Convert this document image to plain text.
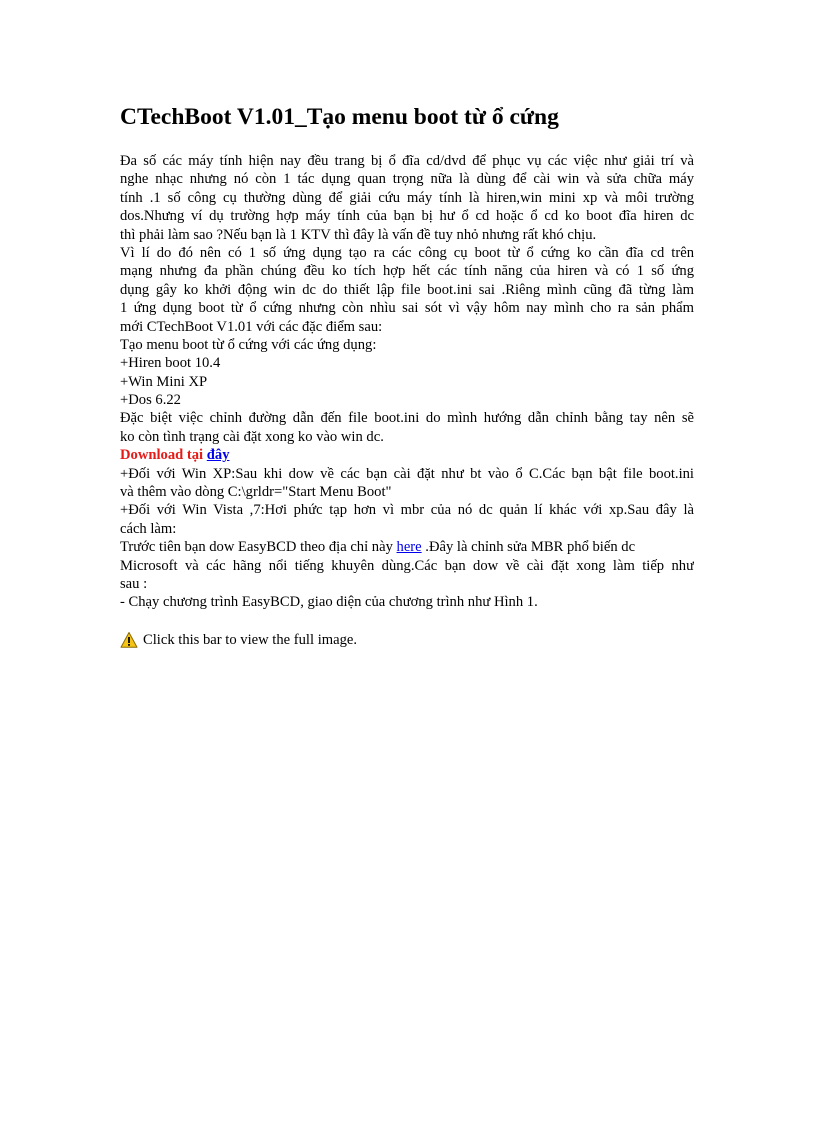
CTechBoot V1.01_Tạo menu boot từ ổ cứng
Đa số các máy tính hiện nay đều trang bị ổ đĩa cd/dvd để phục vụ các việc như giải trí và
nghe nhạc nhưng nó còn 1 tác dụng quan trọng nữa là dùng để cài win và sửa chữa máy
tính .1 số công cụ thường dùng để giải cứu máy tính là hiren,win mini xp và môi trường
dos.Nhưng ví dụ trường hợp máy tính của bạn bị hư ổ cd hoặc ổ cd ko boot đĩa hiren dc
thì phải làm sao ?Nếu bạn là 1 KTV thì đây là vấn đề tuy nhỏ nhưng rất khó chịu.
Vì lí do đó nên có 1 số ứng dụng tạo ra các công cụ boot từ ổ cứng ko cần đĩa cd trên
mạng nhưng đa phần chúng đều ko tích hợp hết các tính năng của hiren và có 1 số ứng
dụng gây ko khởi động win dc do thiết lập file boot.ini sai .Riêng mình cũng đã từng làm
1 ứng dụng boot từ ổ cứng nhưng còn nhìu sai sót vì vậy hôm nay mình cho ra sản phẩm
mới CTechBoot V1.01 với các đặc điểm sau:
Tạo menu boot từ ổ cứng với các ứng dụng:
+Hiren boot 10.4
+Win Mini XP
+Dos 6.22
Đặc biệt việc chỉnh đường dẫn đến file boot.ini do mình hướng dẫn chỉnh bằng tay nên sẽ
ko còn tình trạng cài đặt xong ko vào win dc.
Download tại đây
+Đối với Win XP:Sau khi dow về các bạn cài đặt như bt vào ổ C.Các bạn bật file boot.ini
và thêm vào dòng C:\grldr="Start Menu Boot"
+Đối với Win Vista ,7:Hơi phức tạp hơn vì mbr của nó dc quản lí khác với xp.Sau đây là
cách làm:
Trước tiên bạn dow EasyBCD theo địa chỉ này here .Đây là chỉnh sửa MBR phổ biến dc
Microsoft và các hãng nổi tiếng khuyên dùng.Các bạn dow về cài đặt xong làm tiếp như
sau :
- Chạy chương trình EasyBCD, giao diện của chương trình như Hình 1.
Click this bar to view the full image.
